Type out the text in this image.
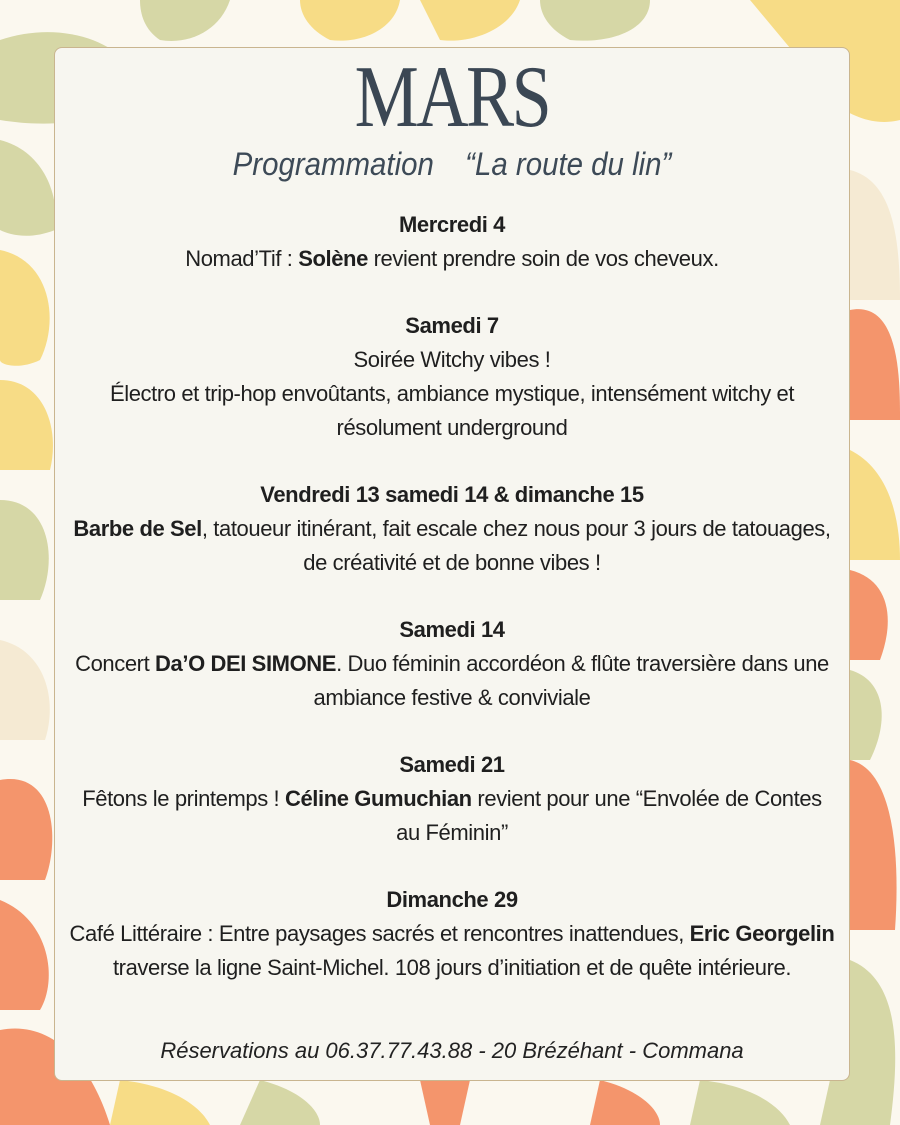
MARS
Programmation “La route du lin”
Mercredi 4
Nomad’Tif : Solène revient prendre soin de vos cheveux.
Samedi 7
Soirée Witchy vibes !
Électro et trip-hop envoûtants, ambiance mystique, intensément witchy et
résolument underground
Vendredi 13 samedi 14 & dimanche 15
Barbe de Sel, tatoueur itinérant, fait escale chez nous pour 3 jours de tatouages,
de créativité et de bonne vibes !
Samedi 14
Concert Da’O DEI SIMONE. Duo féminin accordéon & flûte traversière dans une
ambiance festive & conviviale
Samedi 21
Fêtons le printemps ! Céline Gumuchian revient pour une “Envolée de Contes
au Féminin”
Dimanche 29
Café Littéraire : Entre paysages sacrés et rencontres inattendues, Eric Georgelin
traverse la ligne Saint-Michel. 108 jours d’initiation et de quête intérieure.
Réservations au 06.37.77.43.88 - 20 Brézéhant - Commana
